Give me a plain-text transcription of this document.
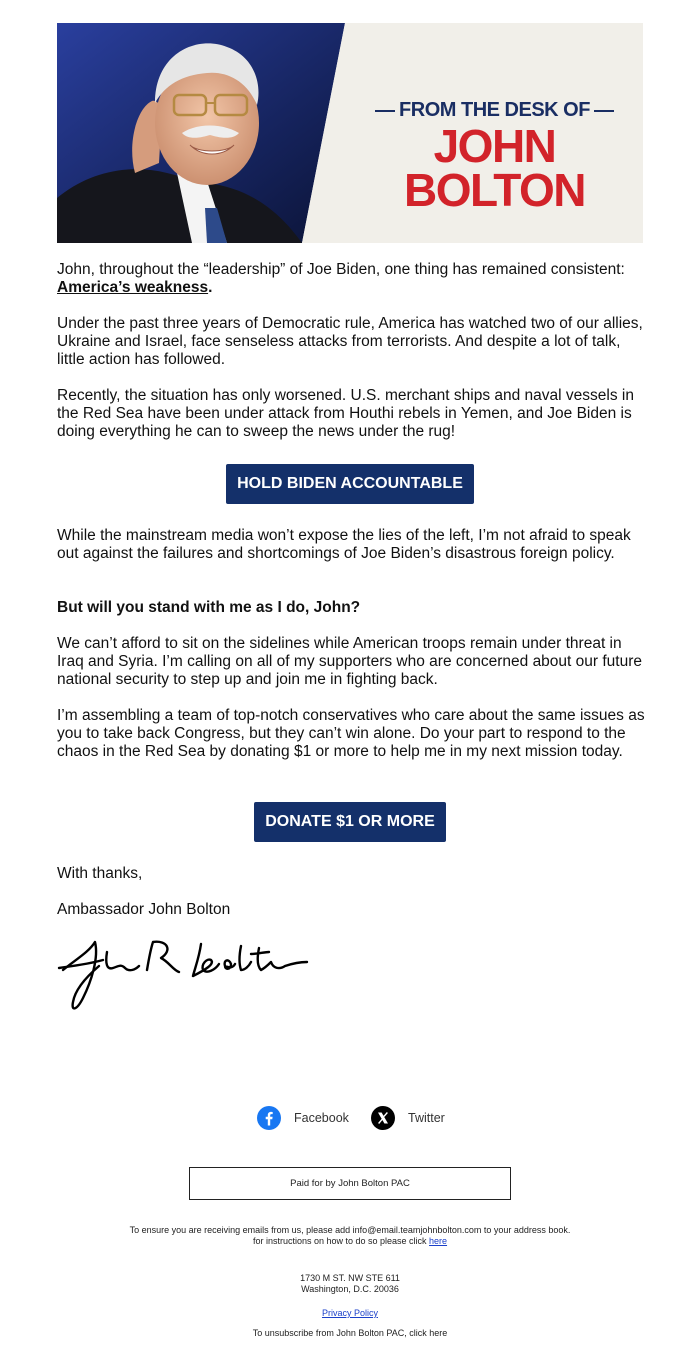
FROM THE DESK OF
JOHN
BOLTON

John, throughout the “leadership” of Joe Biden, one thing has remained consistent: America’s weakness.

Under the past three years of Democratic rule, America has watched two of our allies, Ukraine and Israel, face senseless attacks from terrorists. And despite a lot of talk, little action has followed.

Recently, the situation has only worsened. U.S. merchant ships and naval vessels in the Red Sea have been under attack from Houthi rebels in Yemen, and Joe Biden is doing everything he can to sweep the news under the rug!

HOLD BIDEN ACCOUNTABLE

While the mainstream media won’t expose the lies of the left, I’m not afraid to speak out against the failures and shortcomings of Joe Biden’s disastrous foreign policy.

But will you stand with me as I do, John?

We can’t afford to sit on the sidelines while American troops remain under threat in Iraq and Syria. I’m calling on all of my supporters who are concerned about our future national security to step up and join me in fighting back.

I’m assembling a team of top-notch conservatives who care about the same issues as you to take back Congress, but they can’t win alone. Do your part to respond to the chaos in the Red Sea by donating $1 or more to help me in my next mission today.

DONATE $1 OR MORE

With thanks,

Ambassador John Bolton

Facebook	Twitter
Paid for by John Bolton PAC
To ensure you are receiving emails from us, please add info@email.teamjohnbolton.com to your address book.
for instructions on how to do so please click here
1730 M ST. NW STE 611
Washington, D.C. 20036
Privacy Policy
To unsubscribe from John Bolton PAC, click here
